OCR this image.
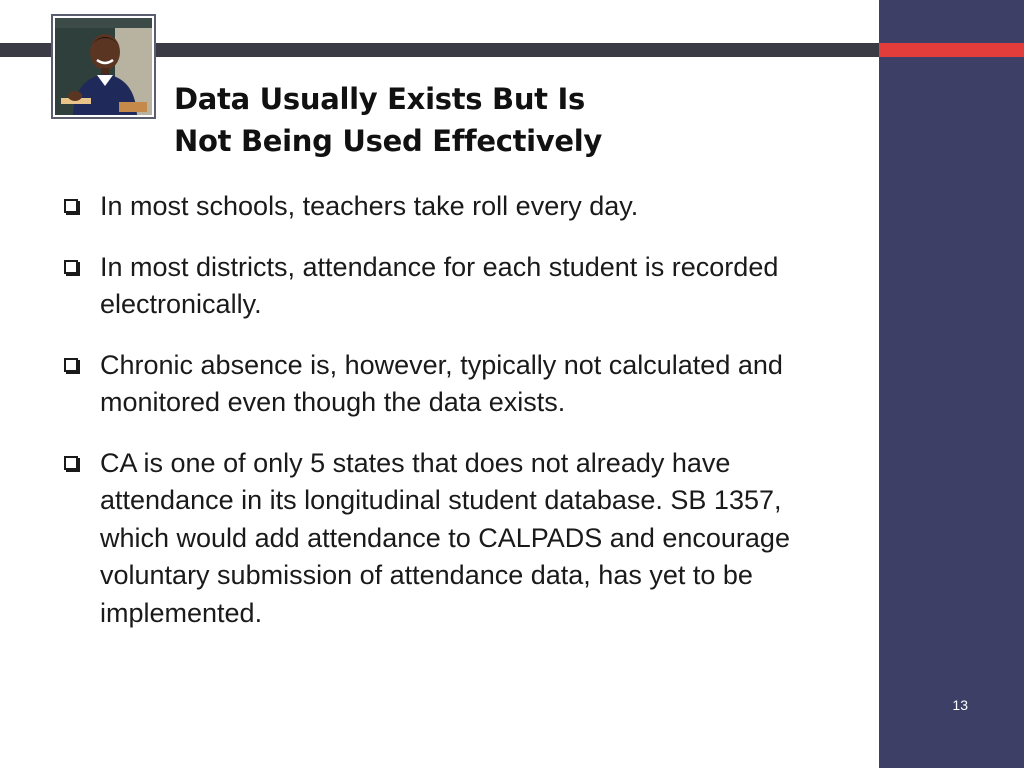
Data Usually Exists But Is
Not Being Used Effectively
In most schools, teachers take roll every day.
In most districts, attendance for each student is recorded electronically.
Chronic absence is, however, typically not calculated and monitored even though the data exists.
CA is one of only 5 states that does not already have attendance in its longitudinal student database. SB 1357, which would add attendance to CALPADS and encourage voluntary submission of attendance data, has yet to be implemented.
13
